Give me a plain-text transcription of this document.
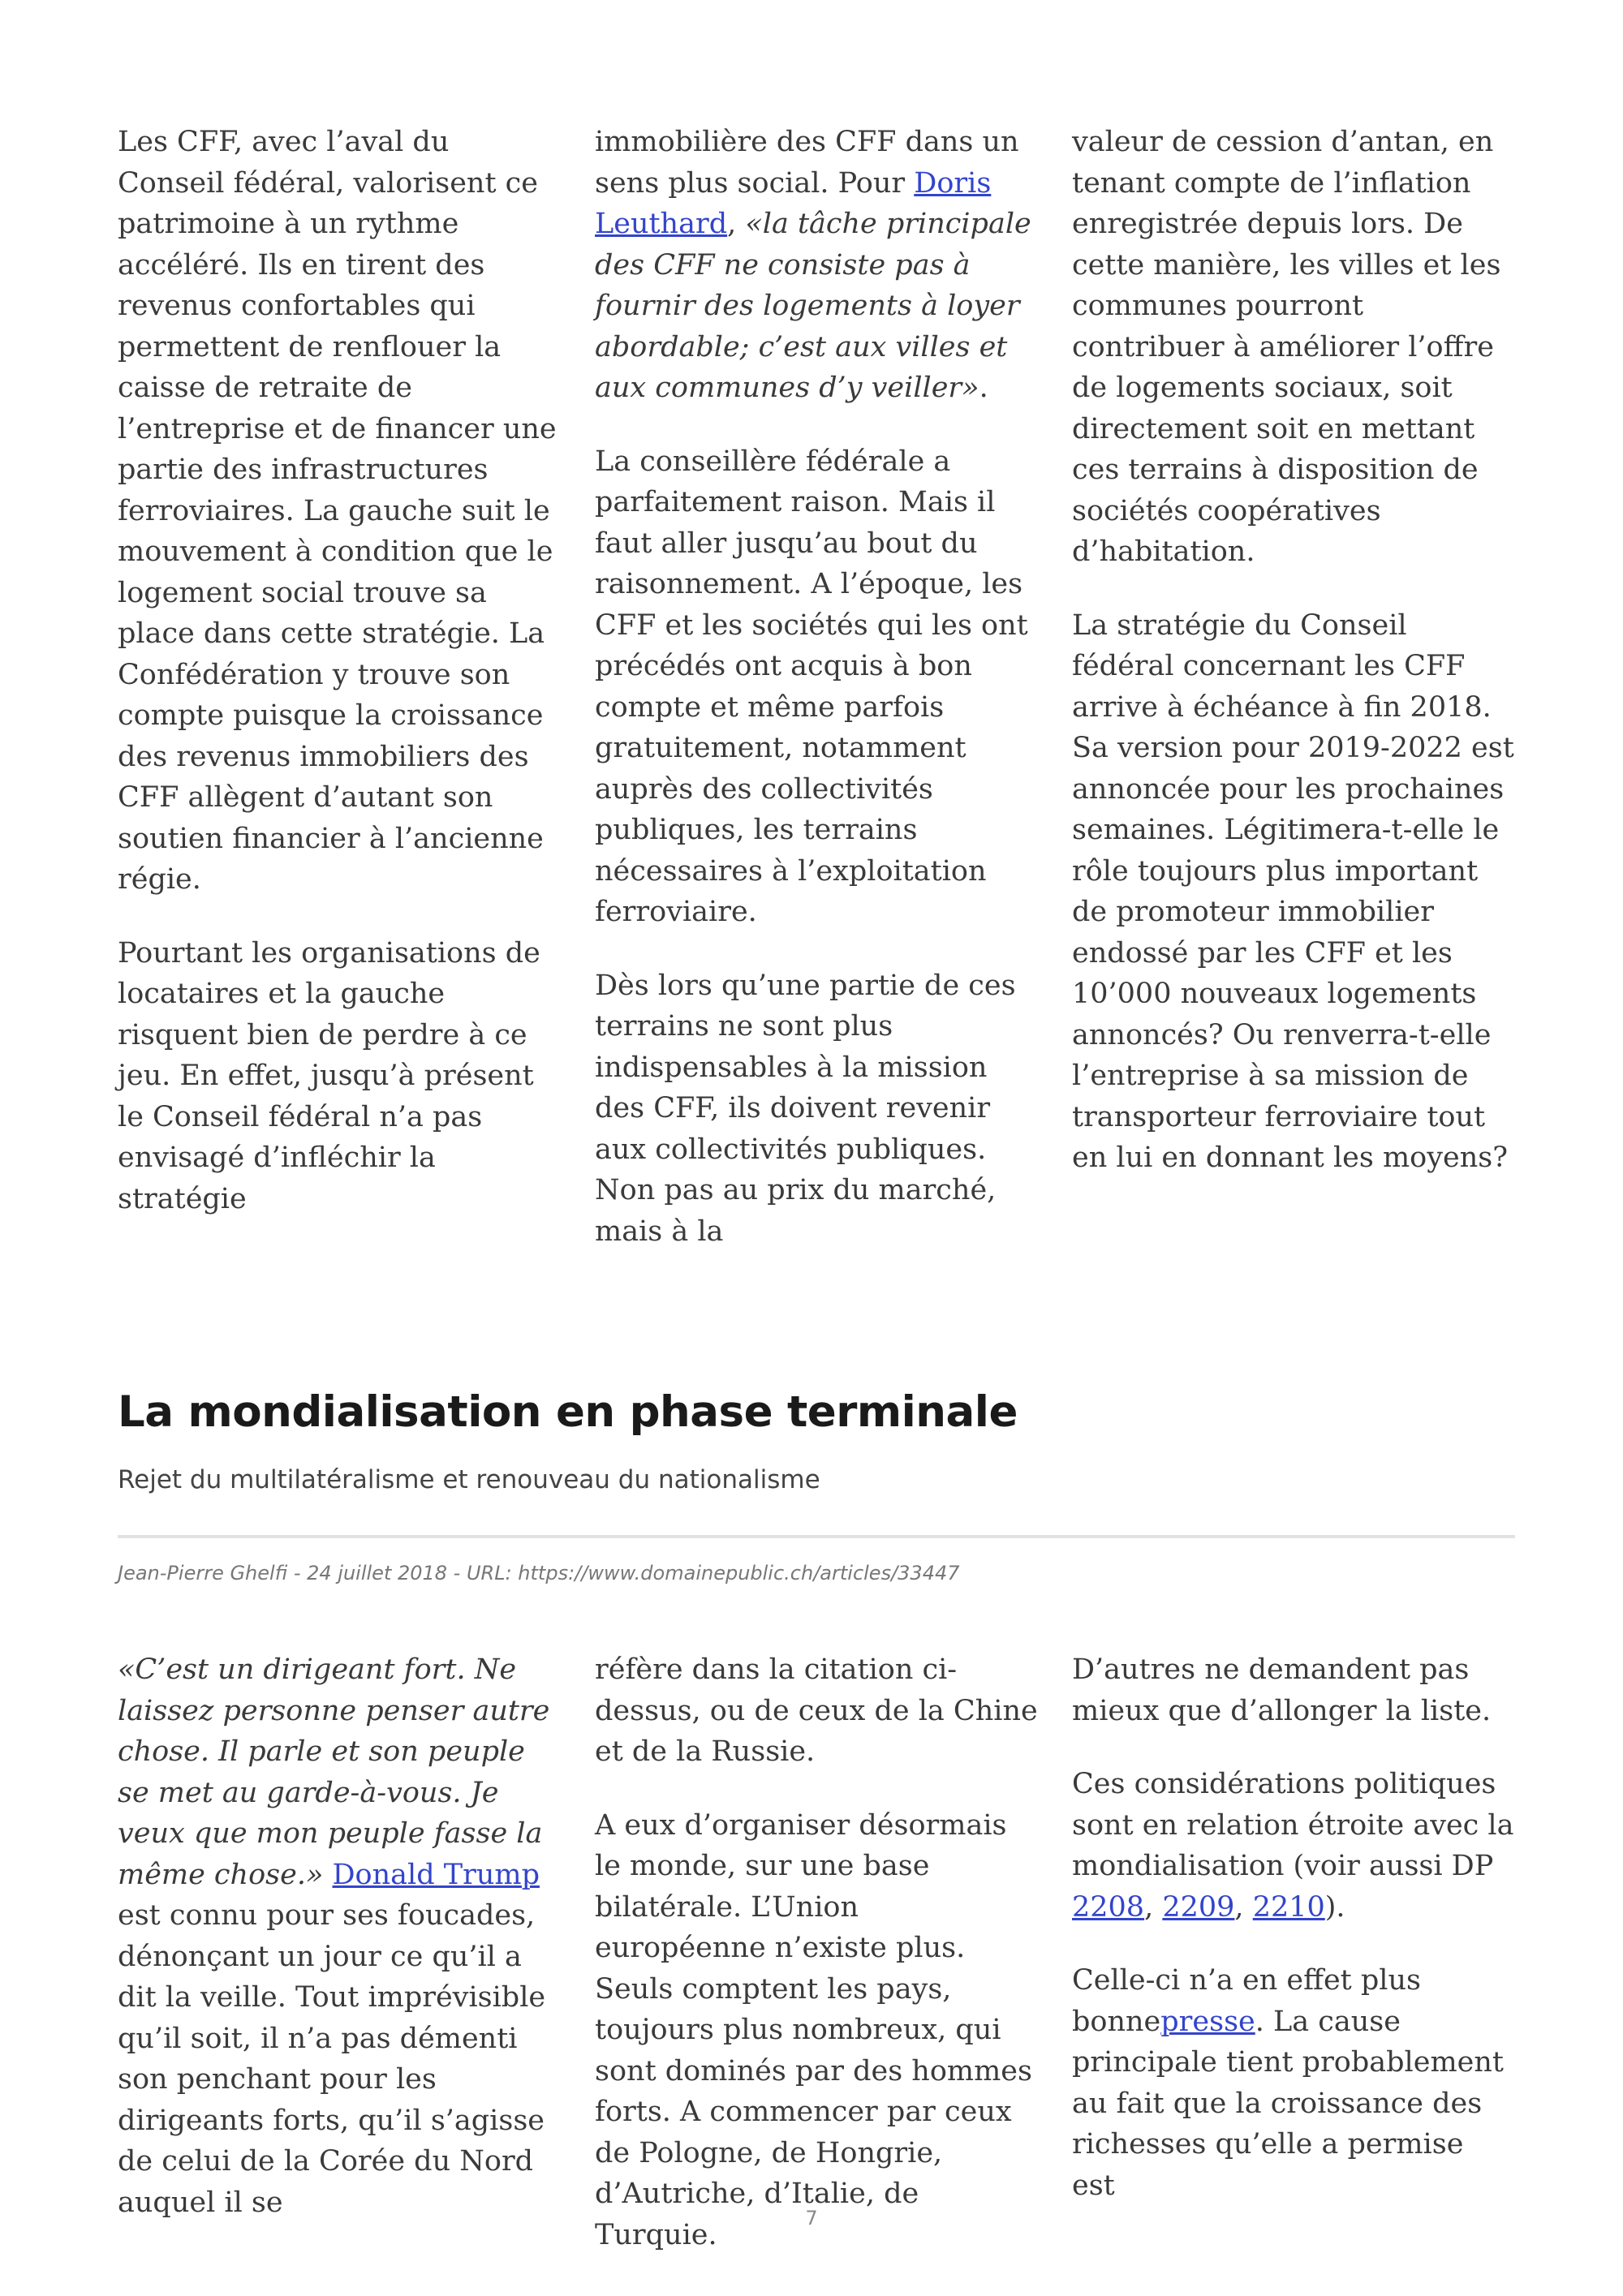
Les CFF, avec l’aval du Conseil fédéral, valorisent ce patrimoine à un rythme accéléré. Ils en tirent des revenus confortables qui permettent de renflouer la caisse de retraite de l’entreprise et de financer une partie des infrastructures ferroviaires. La gauche suit le mouvement à condition que le logement social trouve sa place dans cette stratégie. La Confédération y trouve son compte puisque la croissance des revenus immobiliers des CFF allègent d’autant son soutien financier à l’ancienne régie.

Pourtant les organisations de locataires et la gauche risquent bien de perdre à ce jeu. En effet, jusqu’à présent le Conseil fédéral n’a pas envisagé d’infléchir la stratégie

immobilière des CFF dans un sens plus social. Pour Doris Leuthard, «la tâche principale des CFF ne consiste pas à fournir des logements à loyer abordable; c’est aux villes et aux communes d’y veiller».

La conseillère fédérale a parfaitement raison. Mais il faut aller jusqu’au bout du raisonnement. A l’époque, les CFF et les sociétés qui les ont précédés ont acquis à bon compte et même parfois gratuitement, notamment auprès des collectivités publiques, les terrains nécessaires à l’exploitation ferroviaire.

Dès lors qu’une partie de ces terrains ne sont plus indispensables à la mission des CFF, ils doivent revenir aux collectivités publiques. Non pas au prix du marché, mais à la

valeur de cession d’antan, en tenant compte de l’inflation enregistrée depuis lors. De cette manière, les villes et les communes pourront contribuer à améliorer l’offre de logements sociaux, soit directement soit en mettant ces terrains à disposition de sociétés coopératives d’habitation.

La stratégie du Conseil fédéral concernant les CFF arrive à échéance à fin 2018. Sa version pour 2019-2022 est annoncée pour les prochaines semaines. Légitimera-t-elle le rôle toujours plus important de promoteur immobilier endossé par les CFF et les 10’000 nouveaux logements annoncés? Ou renverra-t-elle l’entreprise à sa mission de transporteur ferroviaire tout en lui en donnant les moyens?

La mondialisation en phase terminale
Rejet du multilatéralisme et renouveau du nationalisme
Jean-Pierre Ghelfi - 24 juillet 2018 - URL: https://www.domainepublic.ch/articles/33447

«C’est un dirigeant fort. Ne laissez personne penser autre chose. Il parle et son peuple se met au garde-à-vous. Je veux que mon peuple fasse la même chose.» Donald Trump est connu pour ses foucades, dénonçant un jour ce qu’il a dit la veille. Tout imprévisible qu’il soit, il n’a pas démenti son penchant pour les dirigeants forts, qu’il s’agisse de celui de la Corée du Nord auquel il se

réfère dans la citation ci-dessus, ou de ceux de la Chine et de la Russie.

A eux d’organiser désormais le monde, sur une base bilatérale. L’Union européenne n’existe plus. Seuls comptent les pays, toujours plus nombreux, qui sont dominés par des hommes forts. A commencer par ceux de Pologne, de Hongrie, d’Autriche, d’Italie, de Turquie.

D’autres ne demandent pas mieux que d’allonger la liste.

Ces considérations politiques sont en relation étroite avec la mondialisation (voir aussi DP 2208, 2209, 2210).

Celle-ci n’a en effet plus bonnepresse. La cause principale tient probablement au fait que la croissance des richesses qu’elle a permise est

7
